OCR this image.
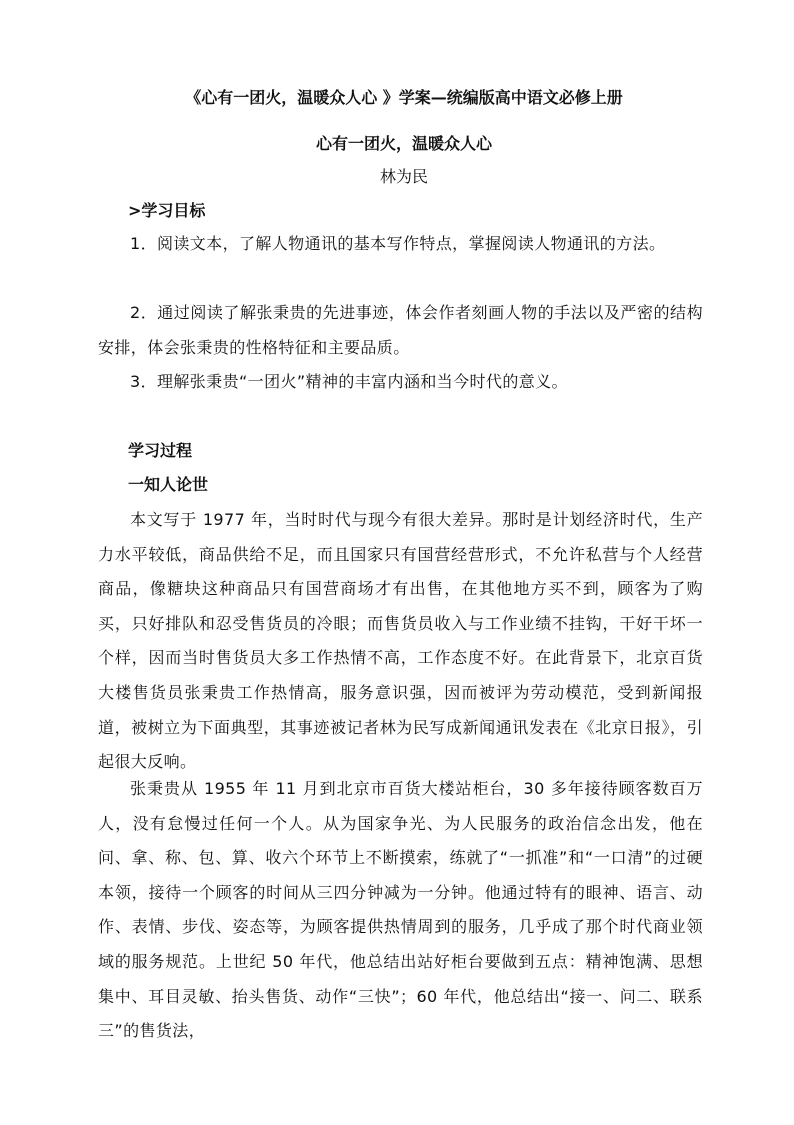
《心有一团火，温暖众人心 》学案—统编版高中语文必修上册
心有一团火，温暖众人心
林为民
>学习目标

1．阅读文本，了解人物通讯的基本写作特点，掌握阅读人物通讯的方法。

2．通过阅读了解张秉贵的先进事迹，体会作者刻画人物的手法以及严密的结构安排，体会张秉贵的性格特征和主要品质。

3．理解张秉贵“一团火”精神的丰富内涵和当今时代的意义。

学习过程
一知人论世

本文写于 1977 年，当时时代与现今有很大差异。那时是计划经济时代，生产力水平较低，商品供给不足，而且国家只有国营经营形式，不允许私营与个人经营商品，像糖块这种商品只有国营商场才有出售，在其他地方买不到，顾客为了购买，只好排队和忍受售货员的冷眼；而售货员收入与工作业绩不挂钩，干好干坏一个样，因而当时售货员大多工作热情不高，工作态度不好。在此背景下，北京百货大楼售货员张秉贵工作热情高，服务意识强，因而被评为劳动模范，受到新闻报道，被树立为下面典型，其事迹被记者林为民写成新闻通讯发表在《北京日报》，引起很大反响。

张秉贵从 1955 年 11 月到北京市百货大楼站柜台，30 多年接待顾客数百万人，没有怠慢过任何一个人。从为国家争光、为人民服务的政治信念出发，他在问、拿、称、包、算、收六个环节上不断摸索，练就了“一抓准”和“一口清”的过硬本领，接待一个顾客的时间从三四分钟减为一分钟。他通过特有的眼神、语言、动作、表情、步伐、姿态等，为顾客提供热情周到的服务，几乎成了那个时代商业领域的服务规范。上世纪 50 年代，他总结出站好柜台要做到五点：精神饱满、思想集中、耳目灵敏、抬头售货、动作“三快”；60 年代，他总结出“接一、问二、联系三”的售货法，
